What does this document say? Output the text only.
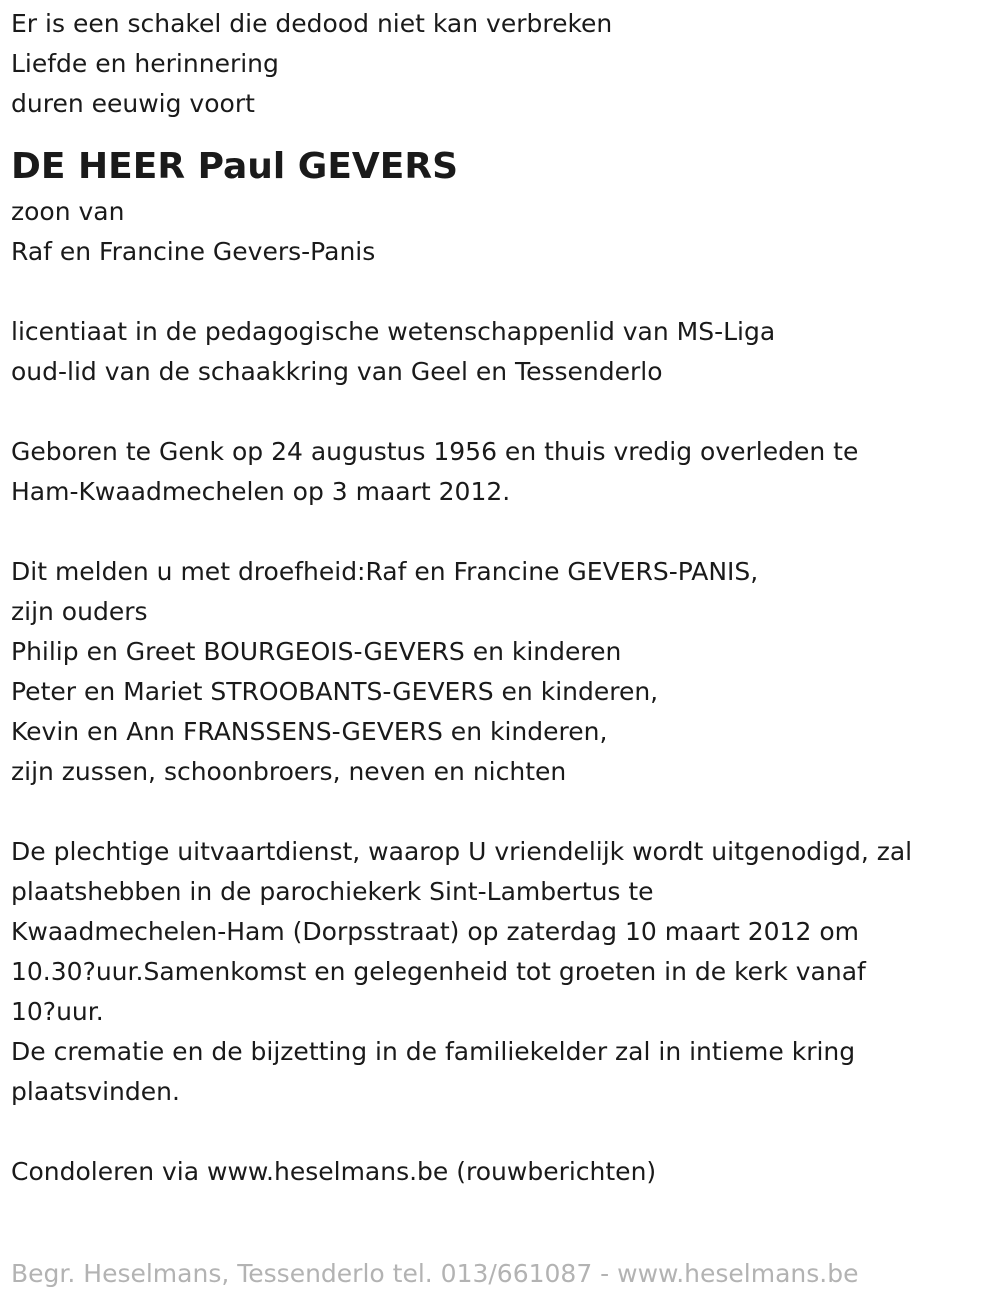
Er is een schakel die dedood niet kan verbreken
Liefde en herinnering
duren eeuwig voort
DE HEER Paul GEVERS
zoon van
Raf en Francine Gevers-Panis
licentiaat in de pedagogische wetenschappenlid van MS-Liga
oud-lid van de schaakkring van Geel en Tessenderlo
Geboren te Genk op 24 augustus 1956 en thuis vredig overleden te
Ham-Kwaadmechelen op 3 maart 2012.
Dit melden u met droefheid:Raf en Francine GEVERS-PANIS,
zijn ouders
Philip en Greet BOURGEOIS-GEVERS en kinderen
Peter en Mariet STROOBANTS-GEVERS en kinderen,
Kevin en Ann FRANSSENS-GEVERS en kinderen,
zijn zussen, schoonbroers, neven en nichten
De plechtige uitvaartdienst, waarop U vriendelijk wordt uitgenodigd, zal
plaatshebben in de parochiekerk Sint-Lambertus te
Kwaadmechelen-Ham (Dorpsstraat) op zaterdag 10 maart 2012 om
10.30?uur.Samenkomst en gelegenheid tot groeten in de kerk vanaf
10?uur.
De crematie en de bijzetting in de familiekelder zal in intieme kring
plaatsvinden.
Condoleren via www.heselmans.be (rouwberichten)
Begr. Heselmans, Tessenderlo tel. 013/661087 - www.heselmans.be
